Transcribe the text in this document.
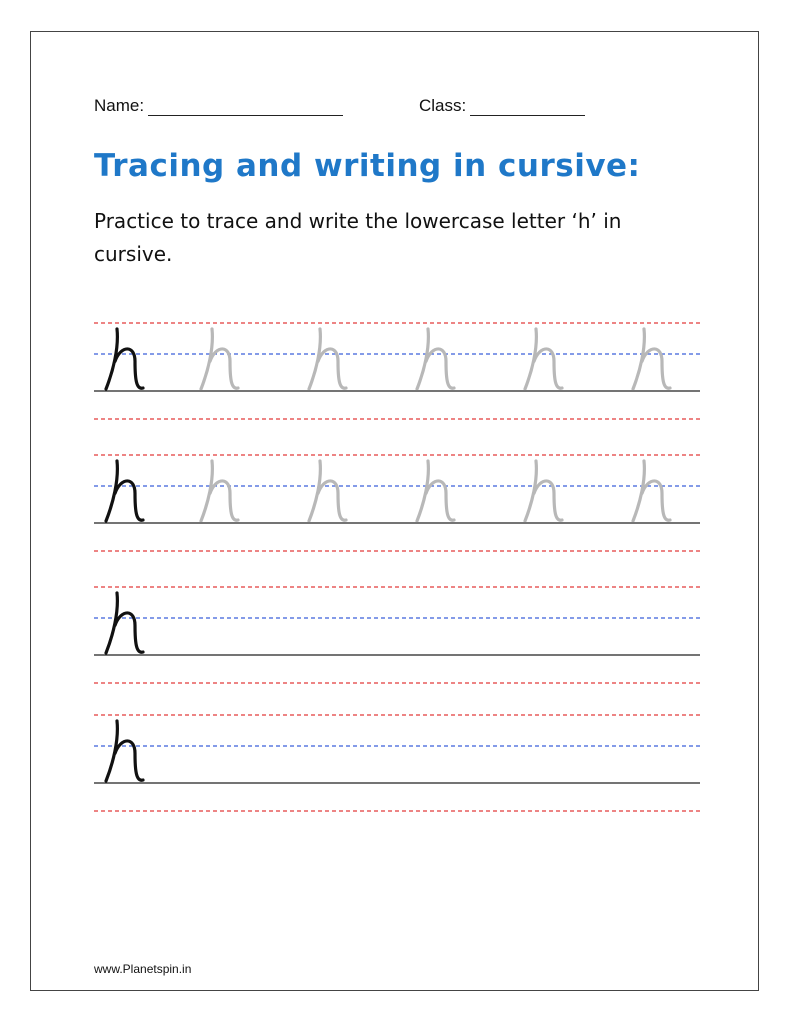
Name:	Class:
Tracing and writing in cursive:
Practice to trace and write the lowercase letter ‘h’ in cursive.
www.Planetspin.in
